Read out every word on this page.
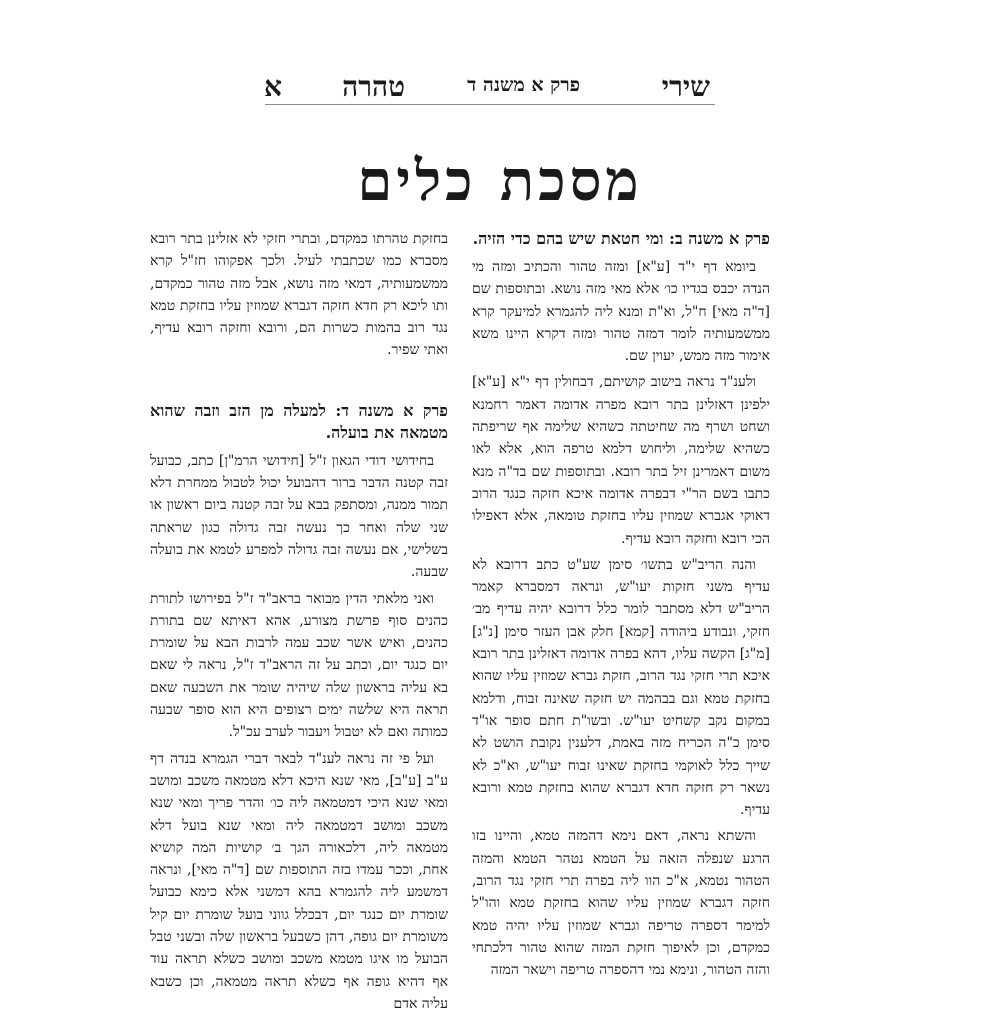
שירי
פרק א משנה ד
טהרה
א
מסכת כלים
פרק א משנה ב: ומי חטאת שיש בהם כדי הזיה.

ביומא דף י"ד [ע"א] ומזה טהור והכתיב ומזה מי הנדה יכבס בגדיו כו׳ אלא מאי מזה נושא. ובתוספות שם [ד"ה מאי] ח"ל, וא"ת ומנא ליה להגמרא למיעקר קרא ממשמעותיה לומר דמזה טהור ומזה דקרא היינו משא אימור מזה ממש, יעוין שם.

ולענ"ד נראה בישוב קושיתם, דבחולין דף י"א [ע"א] ילפינן דאזלינן בתר רובא מפרה אדומה דאמר רחמנא ושחט ושרף מה שחיטתה כשהיא שלימה אף שריפתה כשהיא שלימה, וליחוש דלמא טרפה הוא, אלא לאו משום דאמרינן זיל בתר רובא. ובתוספות שם בד"ה מנא כתבו בשם הר"י דבפרה אדומה איכא חזקה כנגד הרוב דאוקי אגברא שמוזין עליו בחזקת טומאה, אלא דאפילו הכי רובא וחזקה רובא עדיף.

והנה הריב"ש בתשו׳ סימן שע"ט כתב דרובא לא עדיף משני חזקות יעו"ש, ונראה דמסברא קאמר הריב"ש דלא מסתבר לומר כלל דרובא יהיה עדיף מב׳ חזקי, ונבודע ביהודה [קמא] חלק אבן העזר סימן [נ"ג] [מ"ג] הקשה עליו, דהא בפרה אדומה דאזלינן בתר רובא איכא תרי חזקי נגד הרוב, חזקת גברא שמוזין עליו שהוא בחזקת טמא וגם בבהמה יש חזקה שאינה זבוח, ודלמא במקום נקב קשחיט יעו"ש. ובשו"ת חתם סופר או"ד סימן כ"ה הכריח מזה באמת, דלענין נקובת הושט לא שייך כלל לאוקמי בחזקת שאינו זבוח יעו"ש, וא"כ לא נשאר רק חזקה חדא דגברא שהוא בחזקת טמא ורובא עדיף.

והשתא נראה, דאם נימא דהמזה טמא, והיינו בזו הרגע שנפלה הזאה על הטמא נטהר הטמא והמזה הטהור נטמא, א"כ הוו ליה בפרה תרי חזקי נגד הרוב, חזקה דגברא שמוזין עליו שהוא בחזקת טמא והו"ל למימר דספרה טריפה וגברא שמוזין עליו יהיה טמא כמקדם, וכן לאיפוך חזקת המזה שהוא טהור דלכתחי והזה הטהור, ונימא נמי דהספרה טריפה וישאר המזה

בחזקת טהרתו כמקדם, ובתרי חזקי לא אזלינן בתר רובא מסברא כמו שכתבתי לעיל. ולכך אפקוהו חז"ל קרא ממשמעותיה, דמאי מזה נושא, אבל מזה טהור כמקדם, ותו ליכא רק חדא חזקה דגברא שמוזין עליו בחזקת טמא נגד רוב בהמות כשרות הם, ורובא וחזקה רובא עדיף, ואתי שפיר.

פרק א משנה ד: למעלה מן הזב וזבה שהוא מטמאה את בועלה.

בחידושי דודי הגאון ז"ל [חידושי הרמ"ן] כתב, כבועל זבה קטנה הדבר ברור דהבועל יכול לטבול ממחרת דלא תמור ממנה, ומסתפק בבא על זבה קטנה ביום ראשון או שני שלה ואחר כך נעשה זבה גדולה כגון שראתה בשלישי, אם נעשה זבה גדולה למפרע לטמא את בועלה שבעה.

ואני מלאתי הדין מבואר בראב"ד ז"ל בפירושו לתורת כהנים סוף פרשת מצורע, אהא דאיתא שם בתורת כהנים, ואיש אשר שכב עמה לרבות הבא על שומרת יום כנגד יום, וכתב על זה הראב"ד ז"ל, נראה לי שאם בא עליה בראשון שלה שיהיה שומר את השבעה שאם תראה היא שלשה ימים רצופים היא הוא סופר שבעה כמותה ואם לא יטבול ויעבור לערב עכ"ל.

ועל פי זה נראה לענ"ד לבאר דברי הגמרא בנדה דף ע"ב [ע"ב], מאי שנא היכא דלא מטמאה משכב ומושב ומאי שנא היכי דמטמאה ליה כו׳ והדר פריך ומאי שנא משכב ומושב דמטמאה ליה ומאי שנא בועל דלא מטמאה ליה, דלכאורה הגך ב׳ קושיות המה קושיא אחת, וככר עמדו בזה התוספות שם [ד"ה מאי], ונראה דמשמע ליה להגמרא בהא דמשני אלא כימא כבועל שומרת יום כנגד יום, דבכלל גווני בועל שומרת יום קיל משומרת יום גופה, דהן כשבעל בראשון שלה ובשני טבל הבועל מו איגו מטמא משכב ומושב כשלא תראה עוד אף דהיא גופה אף כשלא תראה מטמאה, וכן כשבא עליה אדם
